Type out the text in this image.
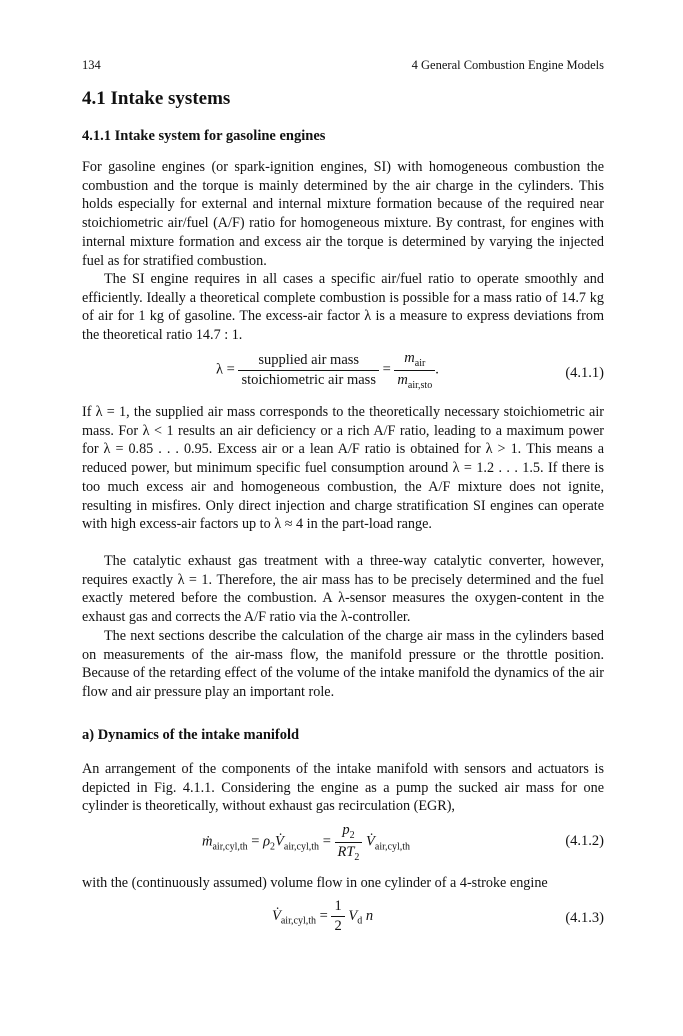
134	4 General Combustion Engine Models
4.1 Intake systems
4.1.1 Intake system for gasoline engines

For gasoline engines (or spark-ignition engines, SI) with homogeneous combustion the combustion and the torque is mainly determined by the air charge in the cylinders. This holds especially for external and internal mixture formation because of the required near stoichiometric air/fuel (A/F) ratio for homogeneous mixture. By contrast, for engines with internal mixture formation and excess air the torque is determined by varying the injected fuel as for stratified combustion.

The SI engine requires in all cases a specific air/fuel ratio to operate smoothly and efficiently. Ideally a theoretical complete combustion is possible for a mass ratio of 14.7 kg of air for 1 kg of gasoline. The excess-air factor λ is a measure to express deviations from the theoretical ratio 14.7 : 1.

$\lambda = \frac{\text{supplied air mass}}{\text{stoichiometric air mass}} = \frac{m_{air}}{m_{air,sto}}$ .	(4.1.1)

If λ = 1, the supplied air mass corresponds to the theoretically necessary stoichiometric air mass. For λ < 1 results an air deficiency or a rich A/F ratio, leading to a maximum power for λ = 0.85 . . . 0.95. Excess air or a lean A/F ratio is obtained for λ > 1. This means a reduced power, but minimum specific fuel consumption around λ = 1.2 . . . 1.5. If there is too much excess air and homogeneous combustion, the A/F mixture does not ignite, resulting in misfires. Only direct injection and charge stratification SI engines can operate with high excess-air factors up to λ ≈ 4 in the part-load range.

The catalytic exhaust gas treatment with a three-way catalytic converter, however, requires exactly λ = 1. Therefore, the air mass has to be precisely determined and the fuel exactly metered before the combustion. A λ-sensor measures the oxygen-content in the exhaust gas and corrects the A/F ratio via the λ-controller.

The next sections describe the calculation of the charge air mass in the cylinders based on measurements of the air-mass flow, the manifold pressure or the throttle position. Because of the retarding effect of the volume of the intake manifold the dynamics of the air flow and air pressure play an important role.

a) Dynamics of the intake manifold

An arrangement of the components of the intake manifold with sensors and actuators is depicted in Fig. 4.1.1. Considering the engine as a pump the sucked air mass for one cylinder is theoretically, without exhaust gas recirculation (EGR),

ṁ$_{air,cyl,th}$ = $\rho_2V̇_{air,cyl,th} = \frac{p_2}{RT_2}$ $V̇_{air,cyl,th}$	(4.1.2)

with the (continuously assumed) volume flow in one cylinder of a 4-stroke engine

$V̇_{air,cyl,th} = \frac{1}{2} V_d$ n	(4.1.3)
